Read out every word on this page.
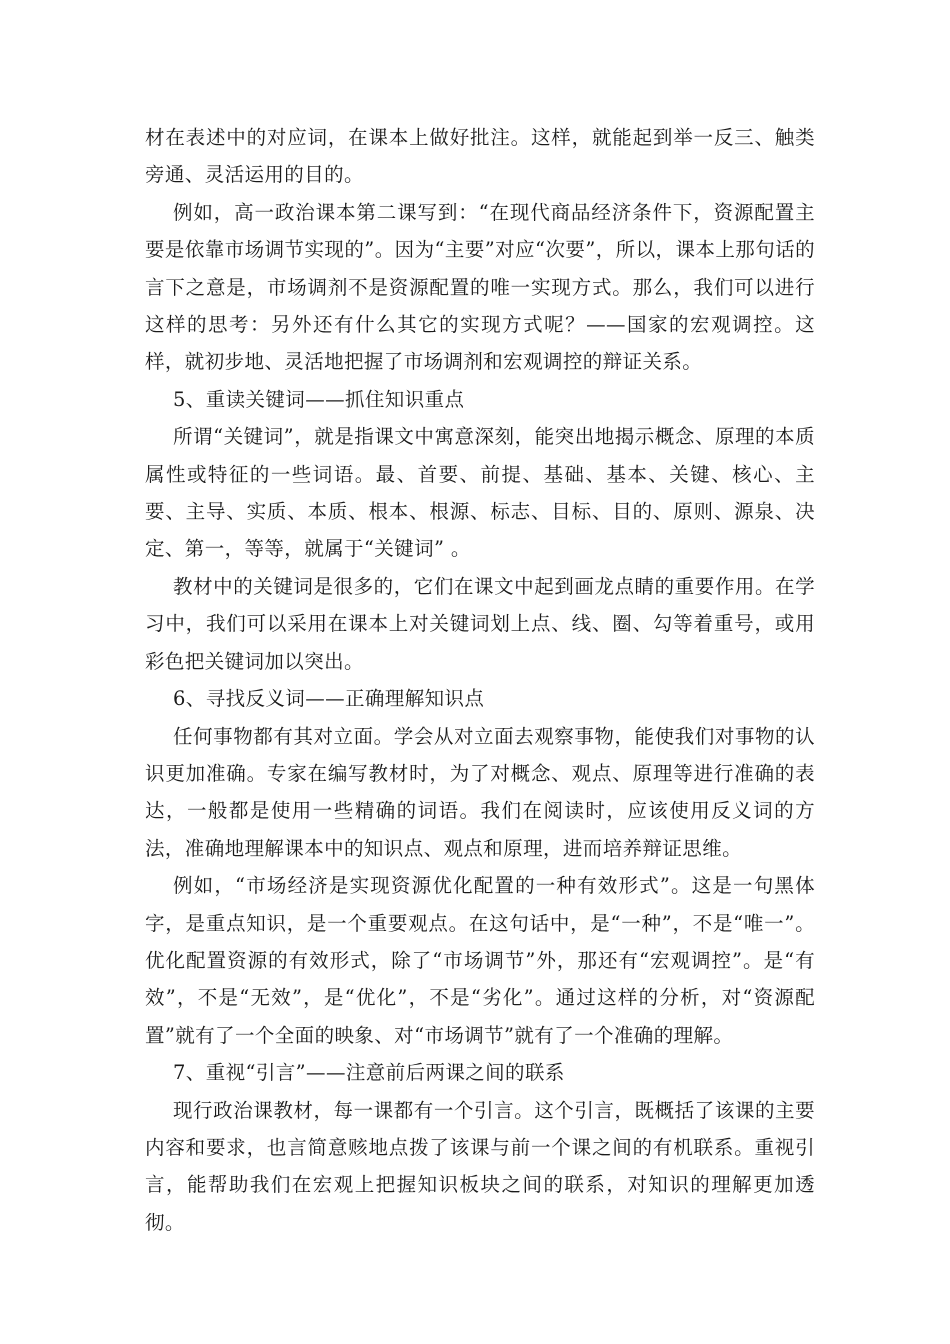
材在表述中的对应词，在课本上做好批注。这样，就能起到举一反三、触类旁通、灵活运用的目的。

例如，高一政治课本第二课写到：“在现代商品经济条件下，资源配置主要是依靠市场调节实现的”。因为“主要”对应“次要”，所以，课本上那句话的言下之意是，市场调剂不是资源配置的唯一实现方式。那么，我们可以进行这样的思考：另外还有什么其它的实现方式呢？——国家的宏观调控。这样，就初步地、灵活地把握了市场调剂和宏观调控的辩证关系。

5、重读关键词——抓住知识重点

所谓“关键词”，就是指课文中寓意深刻，能突出地揭示概念、原理的本质属性或特征的一些词语。最、首要、前提、基础、基本、关键、核心、主要、主导、实质、本质、根本、根源、标志、目标、目的、原则、源泉、决定、第一，等等，就属于“关键词” 。

教材中的关键词是很多的，它们在课文中起到画龙点睛的重要作用。在学习中，我们可以采用在课本上对关键词划上点、线、圈、勾等着重号，或用彩色把关键词加以突出。

6、寻找反义词——正确理解知识点

任何事物都有其对立面。学会从对立面去观察事物，能使我们对事物的认识更加准确。专家在编写教材时，为了对概念、观点、原理等进行准确的表达，一般都是使用一些精确的词语。我们在阅读时，应该使用反义词的方法，准确地理解课本中的知识点、观点和原理，进而培养辩证思维。

例如，“市场经济是实现资源优化配置的一种有效形式”。这是一句黑体字，是重点知识，是一个重要观点。在这句话中，是“一种”，不是“唯一”。优化配置资源的有效形式，除了“市场调节”外，那还有“宏观调控”。是“有效”，不是“无效”，是“优化”，不是“劣化”。通过这样的分析，对“资源配置”就有了一个全面的映象、对“市场调节”就有了一个准确的理解。

7、重视“引言”——注意前后两课之间的联系

现行政治课教材，每一课都有一个引言。这个引言，既概括了该课的主要内容和要求，也言简意赅地点拨了该课与前一个课之间的有机联系。重视引言，能帮助我们在宏观上把握知识板块之间的联系，对知识的理解更加透彻。
